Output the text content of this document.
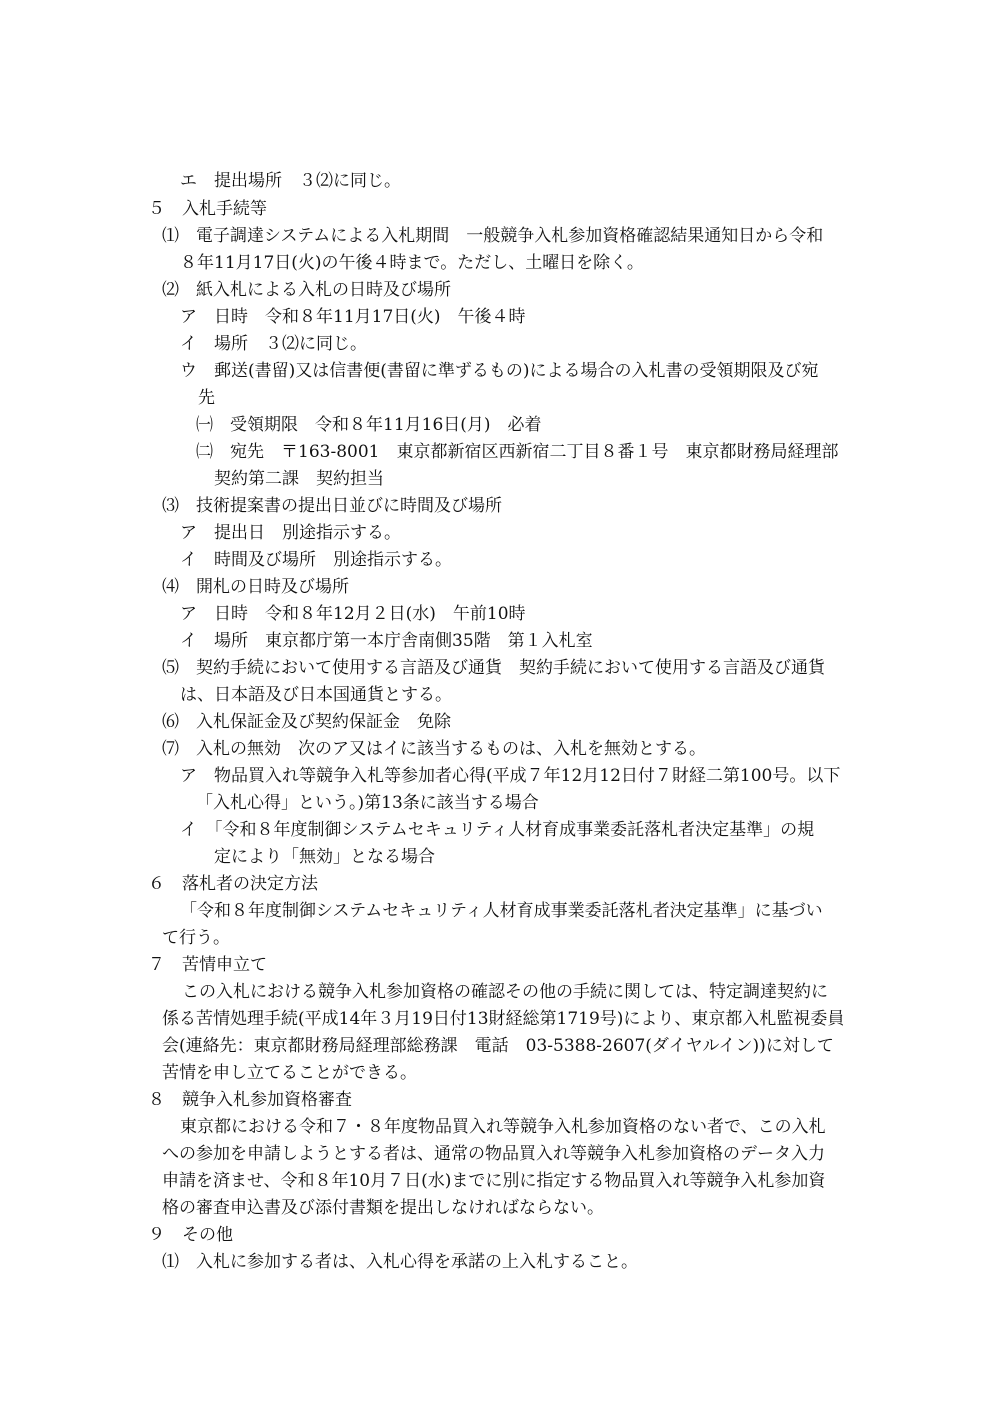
エ　提出場所　３⑵に同じ。
５　入札手続等
⑴　電子調達システムによる入札期間　一般競争入札参加資格確認結果通知日から令和
８年11月17日(火)の午後４時まで。ただし、土曜日を除く。
⑵　紙入札による入札の日時及び場所
ア　日時　令和８年11月17日(火)　午後４時
イ　場所　３⑵に同じ。
ウ　郵送(書留)又は信書便(書留に準ずるもの)による場合の入札書の受領期限及び宛
先
㈠　受領期限　令和８年11月16日(月)　必着
㈡　宛先　〒163-8001　東京都新宿区西新宿二丁目８番１号　東京都財務局経理部
契約第二課　契約担当
⑶　技術提案書の提出日並びに時間及び場所
ア　提出日　別途指示する。
イ　時間及び場所　別途指示する。
⑷　開札の日時及び場所
ア　日時　令和８年12月２日(水)　午前10時
イ　場所　東京都庁第一本庁舎南側35階　第１入札室
⑸　契約手続において使用する言語及び通貨　契約手続において使用する言語及び通貨
は、日本語及び日本国通貨とする。
⑹　入札保証金及び契約保証金　免除
⑺　入札の無効　次のア又はイに該当するものは、入札を無効とする。
ア　物品買入れ等競争入札等参加者心得(平成７年12月12日付７財経二第100号。以下
「入札心得」という。)第13条に該当する場合
イ　「令和８年度制御システムセキュリティ人材育成事業委託落札者決定基準」の規
定により「無効」となる場合
６　落札者の決定方法
「令和８年度制御システムセキュリティ人材育成事業委託落札者決定基準」に基づい
て行う。
７　苦情申立て
この入札における競争入札参加資格の確認その他の手続に関しては、特定調達契約に
係る苦情処理手続(平成14年３月19日付13財経総第1719号)により、東京都入札監視委員
会(連絡先：東京都財務局経理部総務課　電話　03-5388-2607(ダイヤルイン))に対して
苦情を申し立てることができる。
８　競争入札参加資格審査
東京都における令和７・８年度物品買入れ等競争入札参加資格のない者で、この入札
への参加を申請しようとする者は、通常の物品買入れ等競争入札参加資格のデータ入力
申請を済ませ、令和８年10月７日(水)までに別に指定する物品買入れ等競争入札参加資
格の審査申込書及び添付書類を提出しなければならない。
９　その他
⑴　入札に参加する者は、入札心得を承諾の上入札すること。
